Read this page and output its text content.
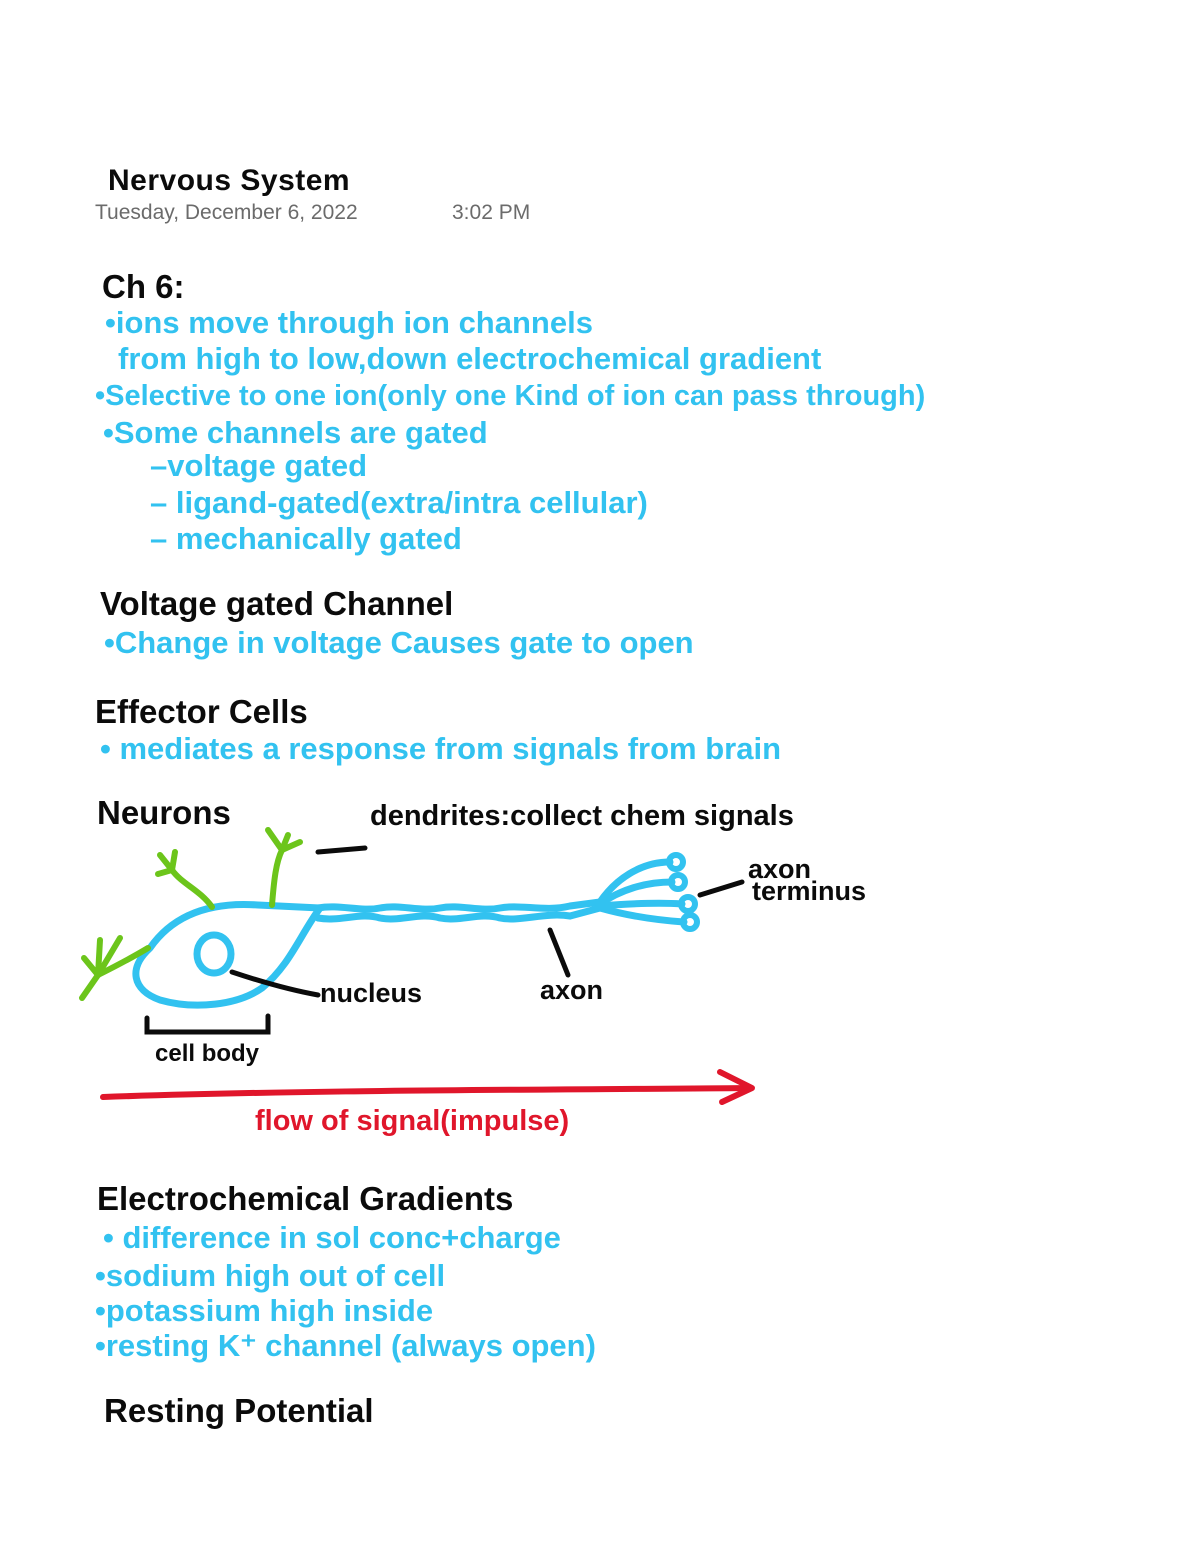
Nervous System
Tuesday, December 6, 2022	3:02 PM
Ch 6:
•ions move through ion channels
from high to low,down electrochemical gradient
•Selective to one ion(only one Kind of ion can pass through)
•Some channels are gated
–voltage gated
– ligand-gated(extra/intra cellular)
– mechanically gated
Voltage gated Channel
•Change in voltage Causes gate to open
Effector Cells
• mediates a response from signals from brain
Neurons	dendrites:collect chem signals
axon
terminus
nucleus	axon
cell body
flow of signal(impulse)
Electrochemical Gradients
• difference in sol conc+charge
•sodium high out of cell
•potassium high inside
•resting K⁺ channel (always open)
Resting Potential
